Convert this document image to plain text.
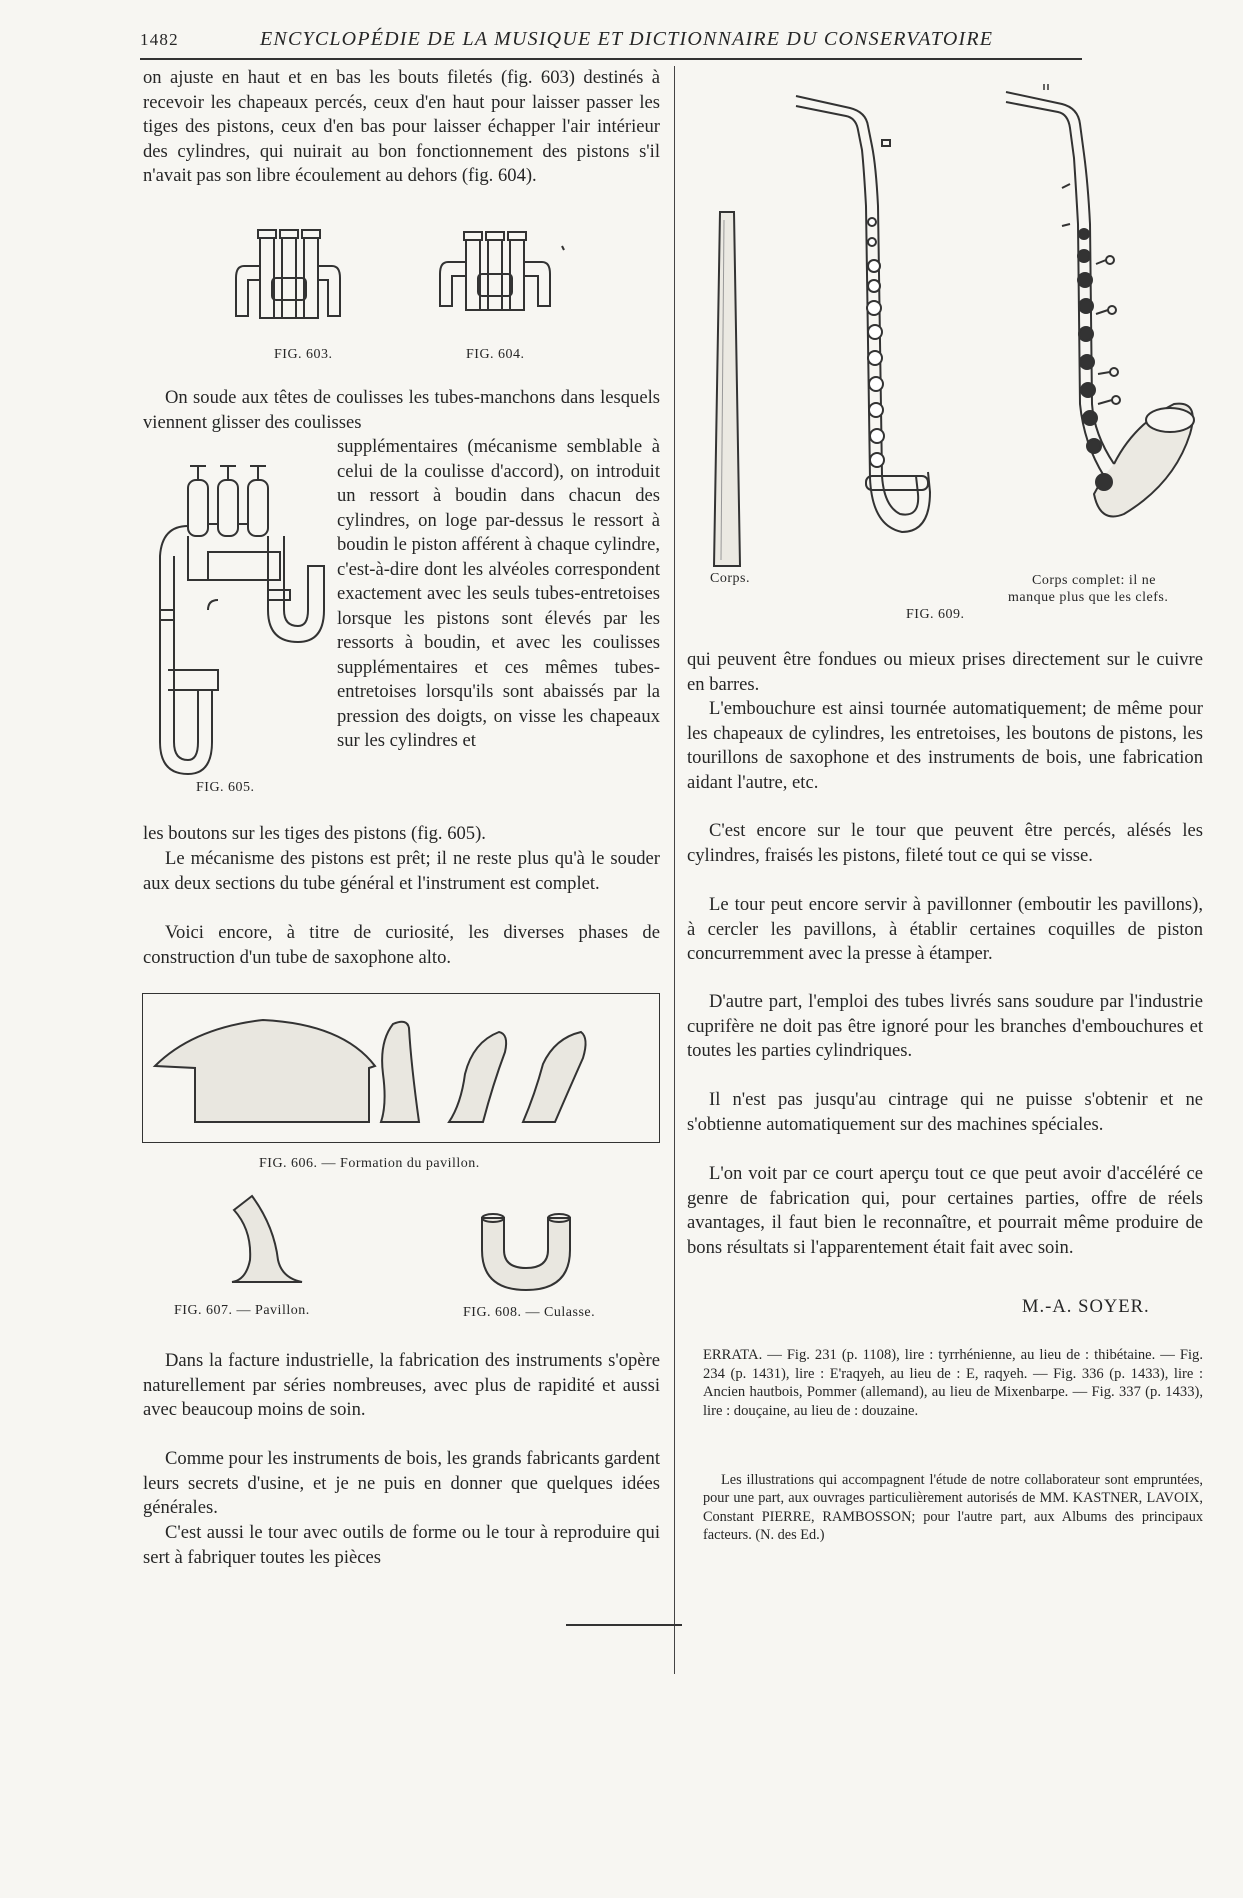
1482	ENCYCLOPÉDIE DE LA MUSIQUE ET DICTIONNAIRE DU CONSERVATOIRE

on ajuste en haut et en bas les bouts filetés (fig. 603) destinés à recevoir les chapeaux percés, ceux d'en haut pour laisser passer les tiges des pistons, ceux d'en bas pour laisser échapper l'air intérieur des cylindres, qui nuirait au bon fonctionnement des pistons s'il n'avait pas son libre écoulement au dehors (fig. 604).

FIG. 603.	FIG. 604.

On soude aux têtes de coulisses les tubes-manchons dans lesquels viennent glisser des coulisses

FIG. 605.

supplémentaires (mécanisme semblable à celui de la coulisse d'accord), on introduit un ressort à boudin dans chacun des cylindres, on loge par-dessus le ressort à boudin le piston afférent à chaque cylindre, c'est-à-dire dont les alvéoles correspondent exactement avec les seuls tubes-entretoises lorsque les pistons sont élevés par les ressorts à boudin, et avec les coulisses supplémentaires et ces mêmes tubes-entretoises lorsqu'ils sont abaissés par la pression des doigts, on visse les chapeaux sur les cylindres et

les boutons sur les tiges des pistons (fig. 605).

Le mécanisme des pistons est prêt; il ne reste plus qu'à le souder aux deux sections du tube général et l'instrument est complet.

Voici encore, à titre de curiosité, les diverses phases de construction d'un tube de saxophone alto.

FIG. 606. — Formation du pavillon.
FIG. 607. — Pavillon.	FIG. 608. — Culasse.

Dans la facture industrielle, la fabrication des instruments s'opère naturellement par séries nombreuses, avec plus de rapidité et aussi avec beaucoup moins de soin.

Comme pour les instruments de bois, les grands fabricants gardent leurs secrets d'usine, et je ne puis en donner que quelques idées générales.

C'est aussi le tour avec outils de forme ou le tour à reproduire qui sert à fabriquer toutes les pièces

Corps.	Corps complet: il ne
manque plus que les clefs.
FIG. 609.

qui peuvent être fondues ou mieux prises directement sur le cuivre en barres.

L'embouchure est ainsi tournée automatiquement; de même pour les chapeaux de cylindres, les entretoises, les boutons de pistons, les tourillons de saxophone et des instruments de bois, une fabrication aidant l'autre, etc.

C'est encore sur le tour que peuvent être percés, alésés les cylindres, fraisés les pistons, fileté tout ce qui se visse.

Le tour peut encore servir à pavillonner (emboutir les pavillons), à cercler les pavillons, à établir certaines coquilles de piston concurremment avec la presse à étamper.

D'autre part, l'emploi des tubes livrés sans soudure par l'industrie cuprifère ne doit pas être ignoré pour les branches d'embouchures et toutes les parties cylindriques.

Il n'est pas jusqu'au cintrage qui ne puisse s'obtenir et ne s'obtienne automatiquement sur des machines spéciales.

L'on voit par ce court aperçu tout ce que peut avoir d'accéléré ce genre de fabrication qui, pour certaines parties, offre de réels avantages, il faut bien le reconnaître, et pourrait même produire de bons résultats si l'apparentement était fait avec soin.

M.-A. SOYER.

ERRATA. — Fig. 231 (p. 1108), lire : tyrrhénienne, au lieu de : thibétaine. — Fig. 234 (p. 1431), lire : E'raqyeh, au lieu de : E, raqyeh. — Fig. 336 (p. 1433), lire : Ancien hautbois, Pommer (allemand), au lieu de Mixenbarpe. — Fig. 337 (p. 1433), lire : douçaine, au lieu de : douzaine.

Les illustrations qui accompagnent l'étude de notre collaborateur sont empruntées, pour une part, aux ouvrages particulièrement autorisés de MM. KASTNER, LAVOIX, Constant PIERRE, RAMBOSSON; pour l'autre part, aux Albums des principaux facteurs. (N. des Ed.)
